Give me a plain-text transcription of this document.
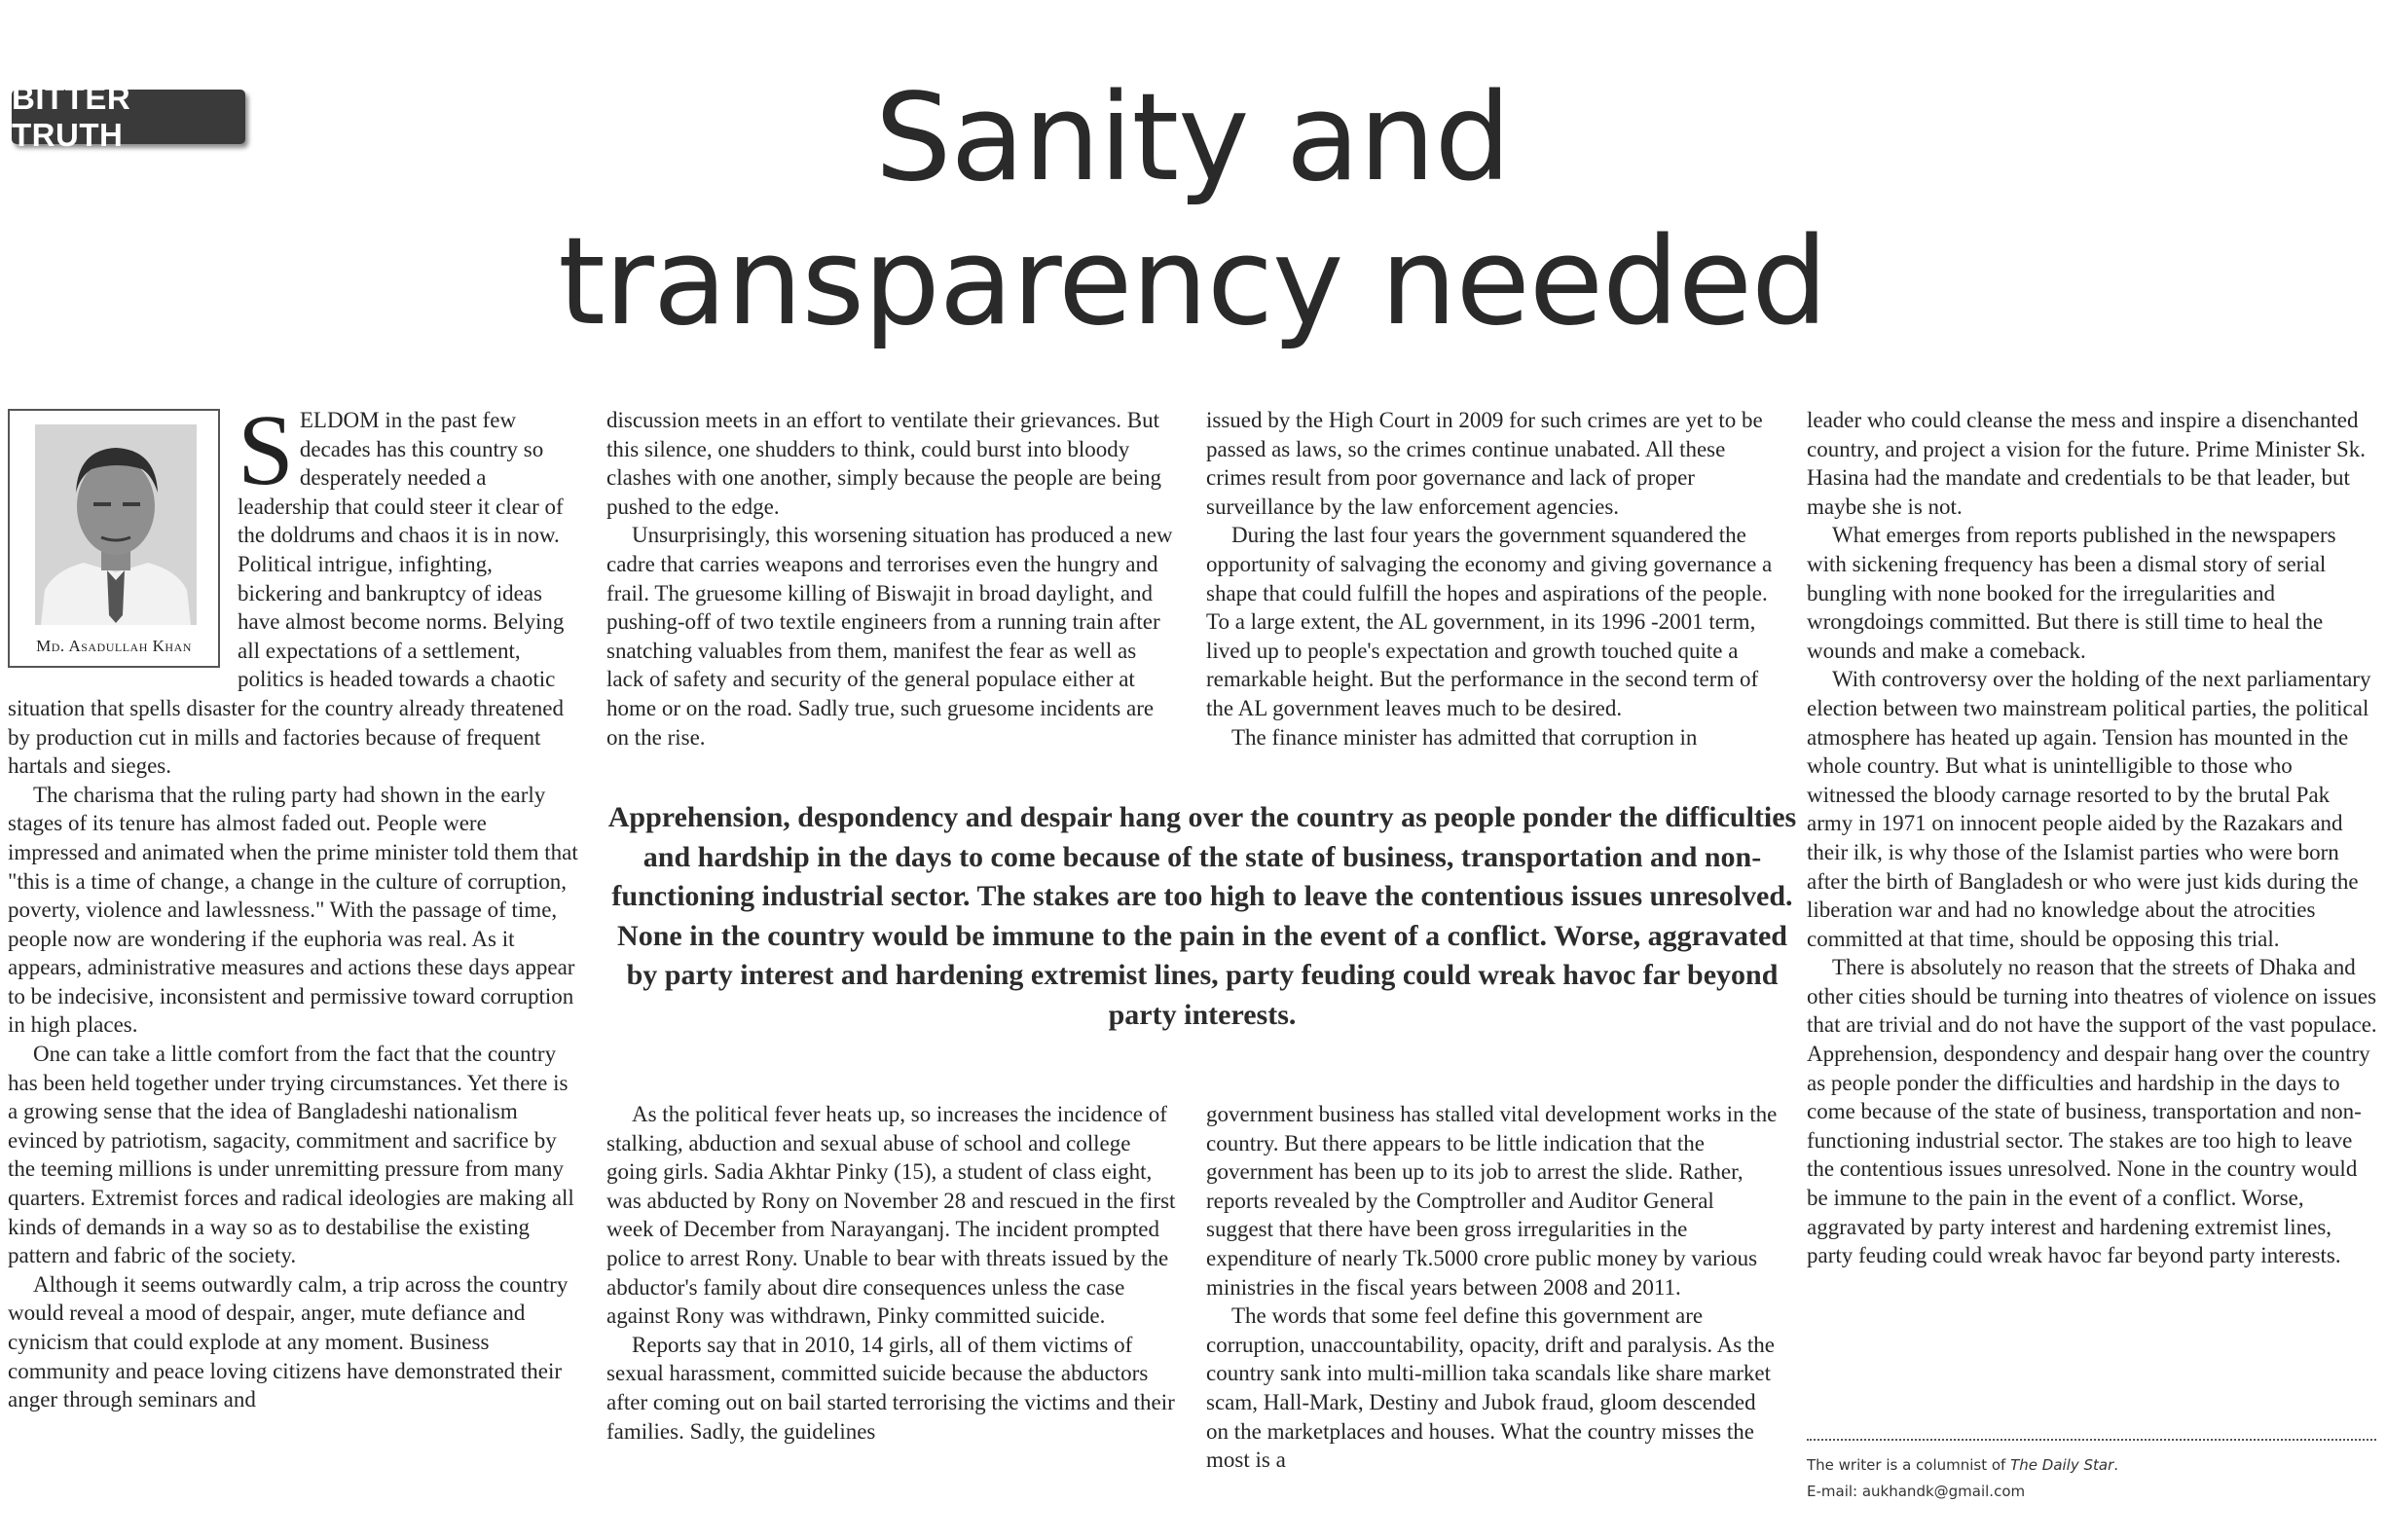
BITTER TRUTH	Sanity and
transparency needed
Md. Asadullah Khan

SELDOM in the past few decades has this country so desperately needed a leadership that could steer it clear of the doldrums and chaos it is in now. Political intrigue, infighting, bickering and bankruptcy of ideas have almost become norms. Belying all expectations of a settlement, politics is headed towards a chaotic situation that spells disaster for the country already threatened by production cut in mills and factories because of frequent hartals and sieges.

The charisma that the ruling party had shown in the early stages of its tenure has almost faded out. People were impressed and animated when the prime minister told them that "this is a time of change, a change in the culture of corruption, poverty, violence and lawlessness." With the passage of time, people now are wondering if the euphoria was real. As it appears, administrative measures and actions these days appear to be indecisive, inconsistent and permissive toward corruption in high places.

One can take a little comfort from the fact that the country has been held together under trying circumstances. Yet there is a growing sense that the idea of Bangladeshi nationalism evinced by patriotism, sagacity, commitment and sacrifice by the teeming millions is under unremitting pressure from many quarters. Extremist forces and radical ideologies are making all kinds of demands in a way so as to destabilise the existing pattern and fabric of the society.

Although it seems outwardly calm, a trip across the country would reveal a mood of despair, anger, mute defiance and cynicism that could explode at any moment. Business community and peace loving citizens have demonstrated their anger through seminars and

discussion meets in an effort to ventilate their grievances. But this silence, one shudders to think, could burst into bloody clashes with one another, simply because the people are being pushed to the edge.

Unsurprisingly, this worsening situation has produced a new cadre that carries weapons and terrorises even the hungry and frail. The gruesome killing of Biswajit in broad daylight, and pushing-off of two textile engineers from a running train after snatching valuables from them, manifest the fear as well as lack of safety and security of the general populace either at home or on the road. Sadly true, such gruesome incidents are on the rise.

issued by the High Court in 2009 for such crimes are yet to be passed as laws, so the crimes continue unabated. All these crimes result from poor governance and lack of proper surveillance by the law enforcement agencies.

During the last four years the government squandered the opportunity of salvaging the economy and giving governance a shape that could fulfill the hopes and aspirations of the people. To a large extent, the AL government, in its 1996 -2001 term, lived up to people's expectation and growth touched quite a remarkable height. But the performance in the second term of the AL government leaves much to be desired.

The finance minister has admitted that corruption in

Apprehension, despondency and despair hang over the country as people ponder the difficulties and hardship in the days to come because of the state of business, transportation and non-functioning industrial sector. The stakes are too high to leave the contentious issues unresolved. None in the country would be immune to the pain in the event of a conflict. Worse, aggravated by party interest and hardening extremist lines, party feuding could wreak havoc far beyond party interests.

As the political fever heats up, so increases the incidence of stalking, abduction and sexual abuse of school and college going girls. Sadia Akhtar Pinky (15), a student of class eight, was abducted by Rony on November 28 and rescued in the first week of December from Narayanganj. The incident prompted police to arrest Rony. Unable to bear with threats issued by the abductor's family about dire consequences unless the case against Rony was withdrawn, Pinky committed suicide.

Reports say that in 2010, 14 girls, all of them victims of sexual harassment, committed suicide because the abductors after coming out on bail started terrorising the victims and their families. Sadly, the guidelines

government business has stalled vital development works in the country. But there appears to be little indication that the government has been up to its job to arrest the slide. Rather, reports revealed by the Comptroller and Auditor General suggest that there have been gross irregularities in the expenditure of nearly Tk.5000 crore public money by various ministries in the fiscal years between 2008 and 2011.

The words that some feel define this government are corruption, unaccountability, opacity, drift and paralysis. As the country sank into multi-million taka scandals like share market scam, Hall-Mark, Destiny and Jubok fraud, gloom descended on the marketplaces and houses. What the country misses the most is a

leader who could cleanse the mess and inspire a disenchanted country, and project a vision for the future. Prime Minister Sk. Hasina had the mandate and credentials to be that leader, but maybe she is not.

What emerges from reports published in the newspapers with sickening frequency has been a dismal story of serial bungling with none booked for the irregularities and wrongdoings committed. But there is still time to heal the wounds and make a comeback.

With controversy over the holding of the next parliamentary election between two mainstream political parties, the political atmosphere has heated up again. Tension has mounted in the whole country. But what is unintelligible to those who witnessed the bloody carnage resorted to by the brutal Pak army in 1971 on innocent people aided by the Razakars and their ilk, is why those of the Islamist parties who were born after the birth of Bangladesh or who were just kids during the liberation war and had no knowledge about the atrocities committed at that time, should be opposing this trial.

There is absolutely no reason that the streets of Dhaka and other cities should be turning into theatres of violence on issues that are trivial and do not have the support of the vast populace. Apprehension, despondency and despair hang over the country as people ponder the difficulties and hardship in the days to come because of the state of business, transportation and non-functioning industrial sector. The stakes are too high to leave the contentious issues unresolved. None in the country would be immune to the pain in the event of a conflict. Worse, aggravated by party interest and hardening extremist lines, party feuding could wreak havoc far beyond party interests.

The writer is a columnist of The Daily Star.
E-mail: aukhandk@gmail.com
